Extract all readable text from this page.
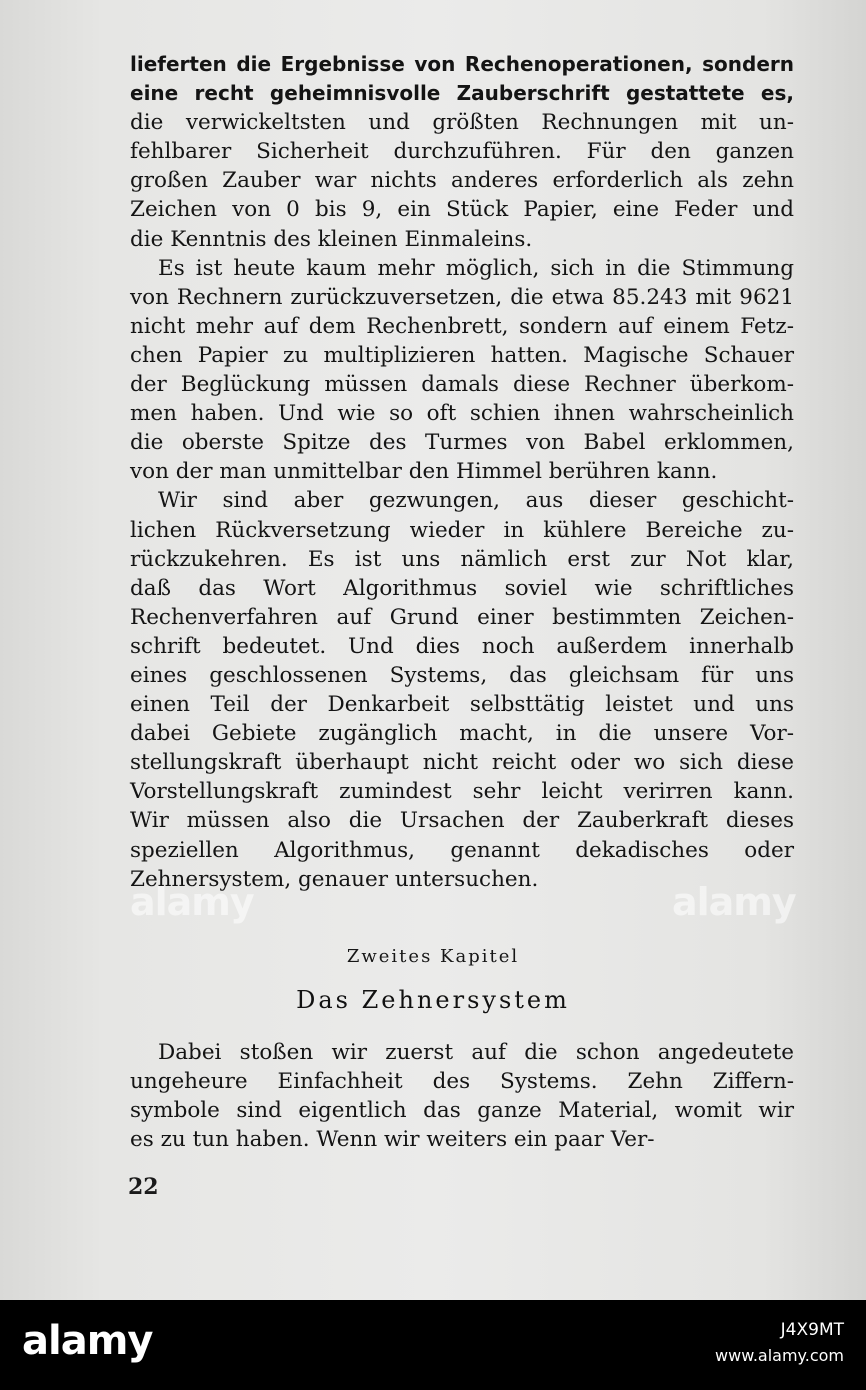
lieferten die Ergebnisse von Rechenoperationen, sondern
eine recht geheimnisvolle Zauberschrift gestattete es,
die verwickeltsten und größten Rechnungen mit un-
fehlbarer Sicherheit durchzuführen. Für den ganzen
großen Zauber war nichts anderes erforderlich als zehn
Zeichen von 0 bis 9, ein Stück Papier, eine Feder und
die Kenntnis des kleinen Einmaleins.
Es ist heute kaum mehr möglich, sich in die Stimmung
von Rechnern zurückzuversetzen, die etwa 85.243 mit 9621
nicht mehr auf dem Rechenbrett, sondern auf einem Fetz-
chen Papier zu multiplizieren hatten. Magische Schauer
der Beglückung müssen damals diese Rechner überkom-
men haben. Und wie so oft schien ihnen wahrscheinlich
die oberste Spitze des Turmes von Babel erklommen,
von der man unmittelbar den Himmel berühren kann.
Wir sind aber gezwungen, aus dieser geschicht-
lichen Rückversetzung wieder in kühlere Bereiche zu-
rückzukehren. Es ist uns nämlich erst zur Not klar,
daß das Wort Algorithmus soviel wie schriftliches
Rechenverfahren auf Grund einer bestimmten Zeichen-
schrift bedeutet. Und dies noch außerdem innerhalb
eines geschlossenen Systems, das gleichsam für uns
einen Teil der Denkarbeit selbsttätig leistet und uns
dabei Gebiete zugänglich macht, in die unsere Vor-
stellungskraft überhaupt nicht reicht oder wo sich diese
Vorstellungskraft zumindest sehr leicht verirren kann.
Wir müssen also die Ursachen der Zauberkraft dieses
speziellen Algorithmus, genannt dekadisches oder
Zehnersystem, genauer untersuchen.
Zweites Kapitel
Das Zehnersystem
Dabei stoßen wir zuerst auf die schon angedeutete
ungeheure Einfachheit des Systems. Zehn Ziffern-
symbole sind eigentlich das ganze Material, womit wir
es zu tun haben. Wenn wir weiters ein paar Ver-
22
alamy	alamy
alamy	J4X9MT
www.alamy.com
